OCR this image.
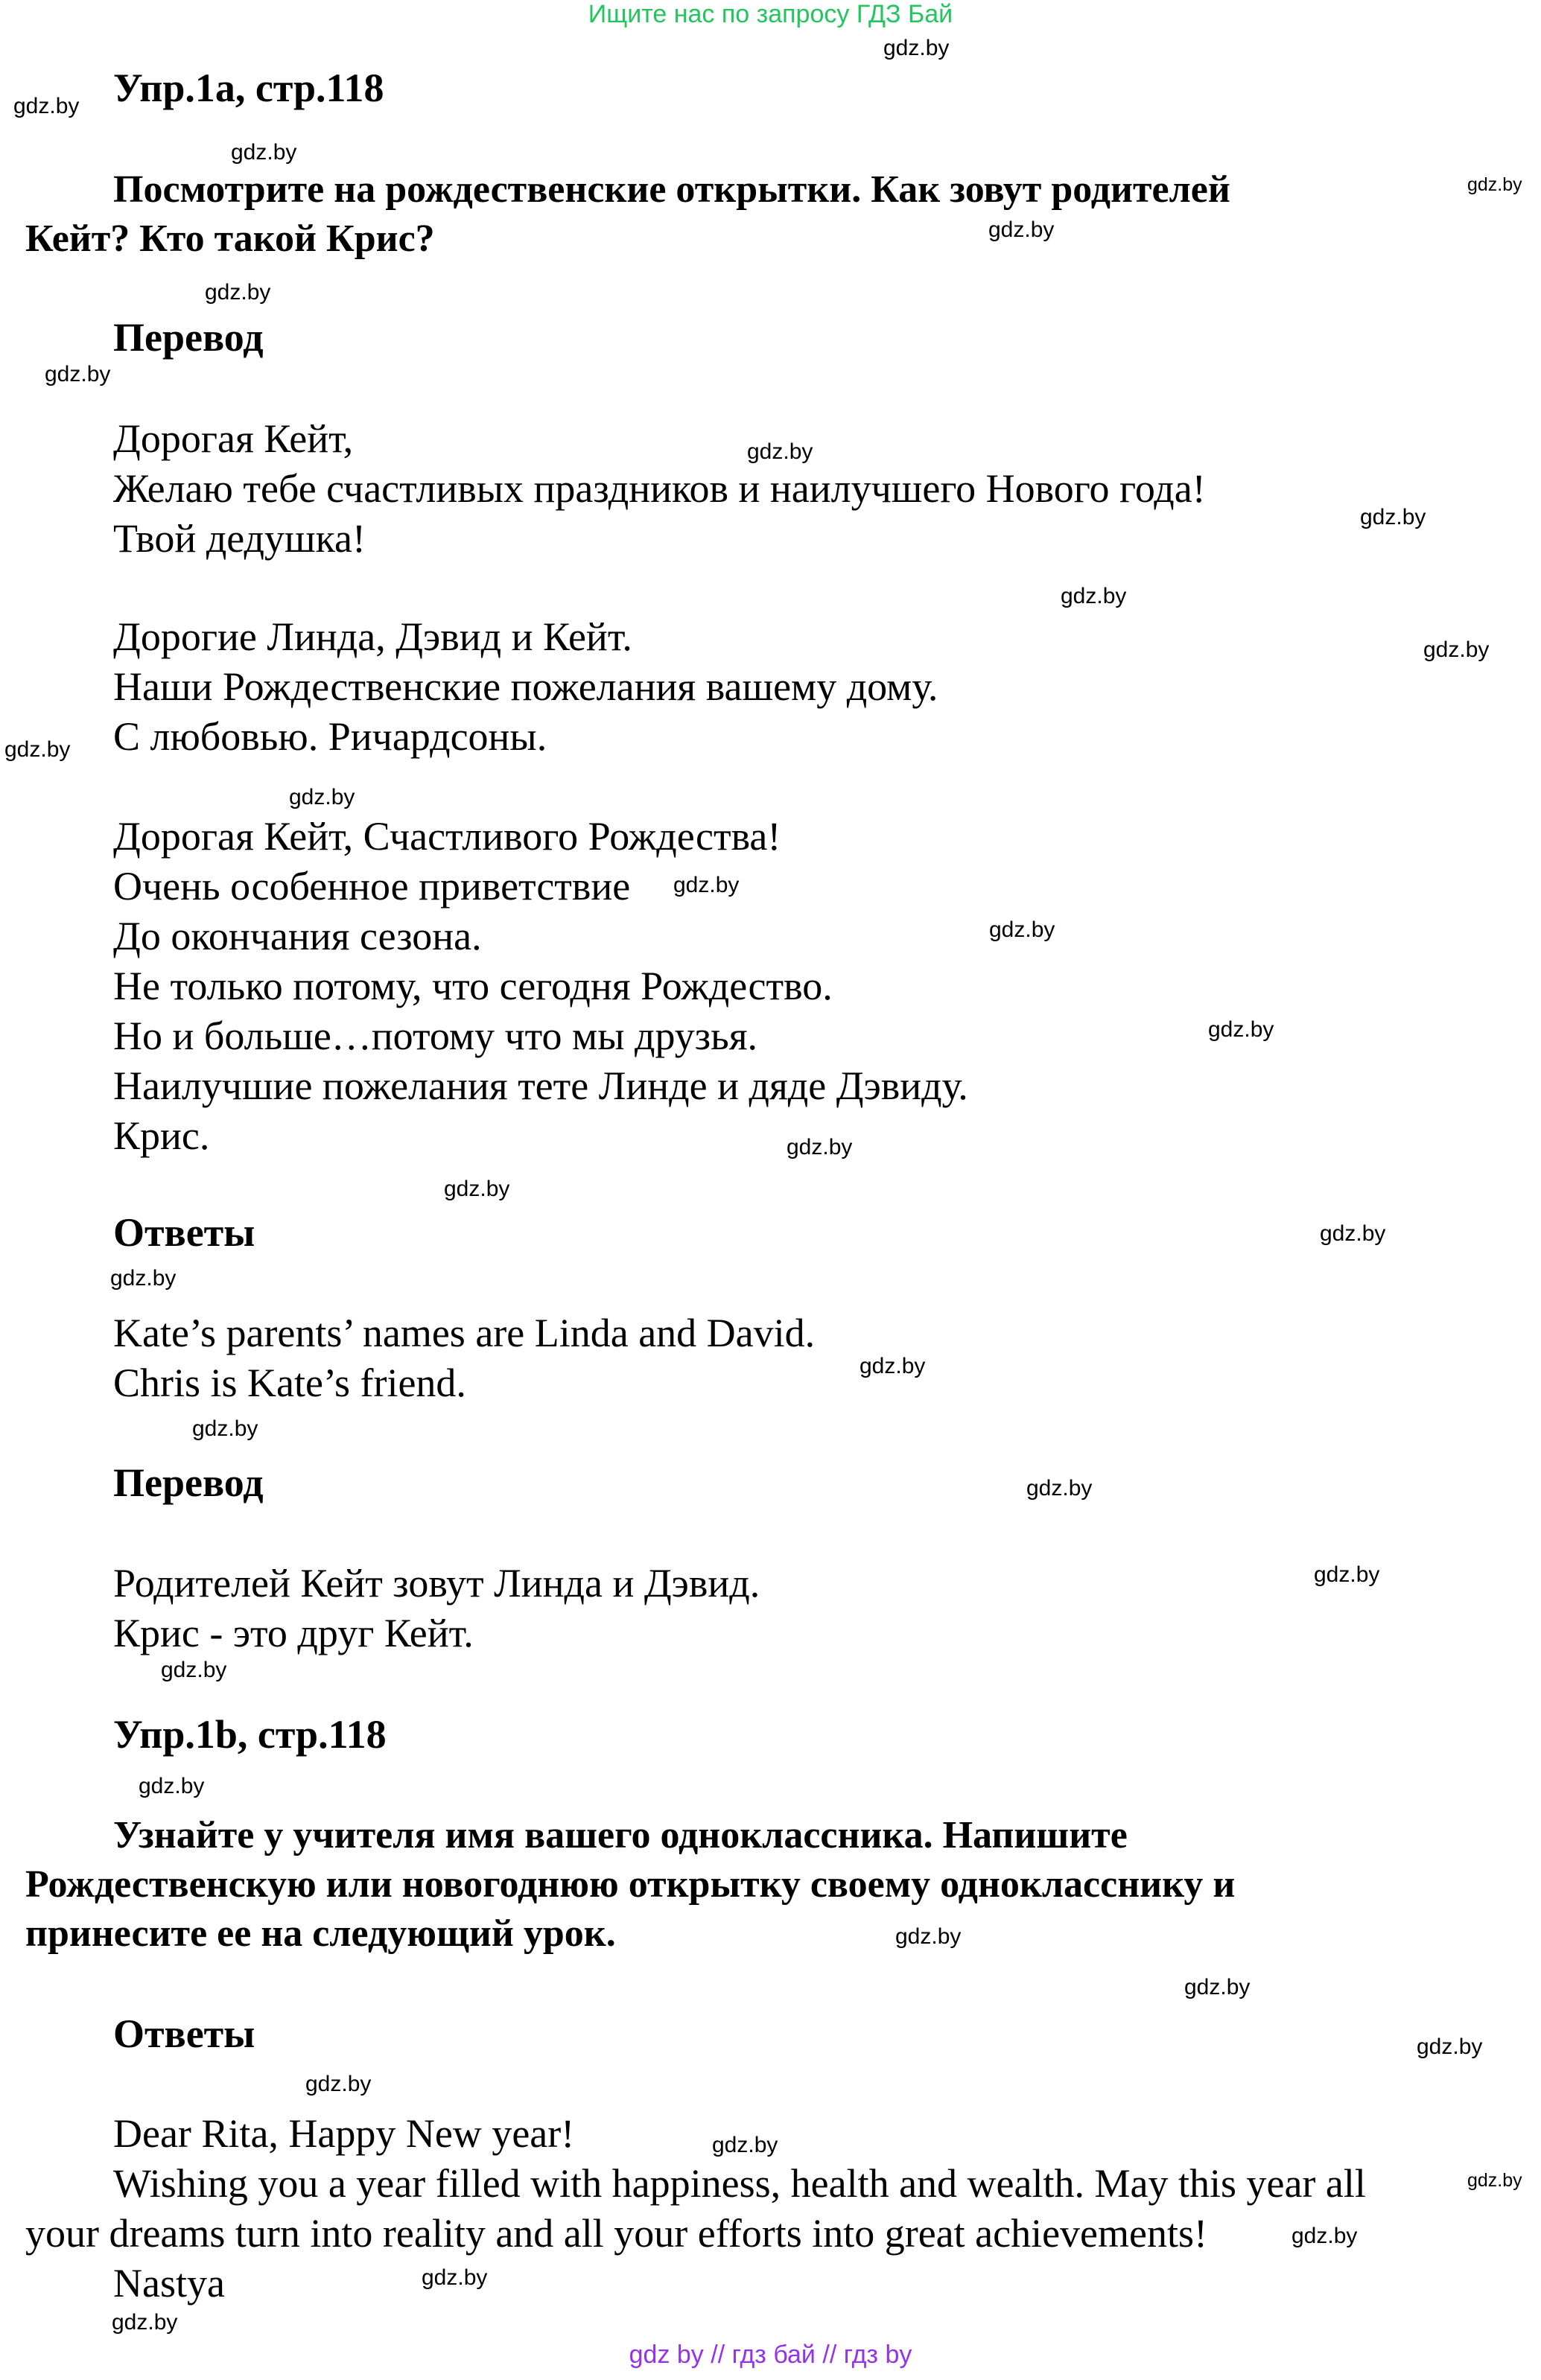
Ищите нас по запросу ГДЗ Бай
Упр.1a, стр.118
Посмотрите на рождественские открытки. Как зовут родителей
Кейт? Кто такой Крис?
Перевод
Дорогая Кейт,
Желаю тебе счастливых праздников и наилучшего Нового года!
Твой дедушка!
Дорогие Линда, Дэвид и Кейт.
Наши Рождественские пожелания вашему дому.
С любовью. Ричардсоны.
Дорогая Кейт, Счастливого Рождества!
Очень особенное приветствие
До окончания сезона.
Не только потому, что сегодня Рождество.
Но и больше…потому что мы друзья.
Наилучшие пожелания тете Линде и дяде Дэвиду.
Крис.
Ответы
Kate’s parents’ names are Linda and David.
Chris is Kate’s friend.
Перевод
Родителей Кейт зовут Линда и Дэвид.
Крис - это друг Кейт.
Упр.1b, стр.118
Узнайте у учителя имя вашего одноклассника. Напишите
Рождественскую или новогоднюю открытку своему однокласснику и
принесите ее на следующий урок.
Ответы
Dear Rita, Happy New year!
Wishing you a year filled with happiness, health and wealth. May this year all
your dreams turn into reality and all your efforts into great achievements!
Nastya
gdz.by
gdz.by
gdz.by
gdz.by
gdz.by
gdz.by
gdz.by
gdz.by
gdz.by
gdz.by
gdz.by
gdz.by
gdz.by
gdz.by
gdz.by
gdz.by
gdz.by
gdz.by
gdz.by
gdz.by
gdz.by
gdz.by
gdz.by
gdz.by
gdz.by
gdz.by
gdz.by
gdz.by
gdz.by
gdz.by
gdz.by
gdz.by
gdz.by
gdz.by
gdz.by
gdz by // гдз бай // гдз by
